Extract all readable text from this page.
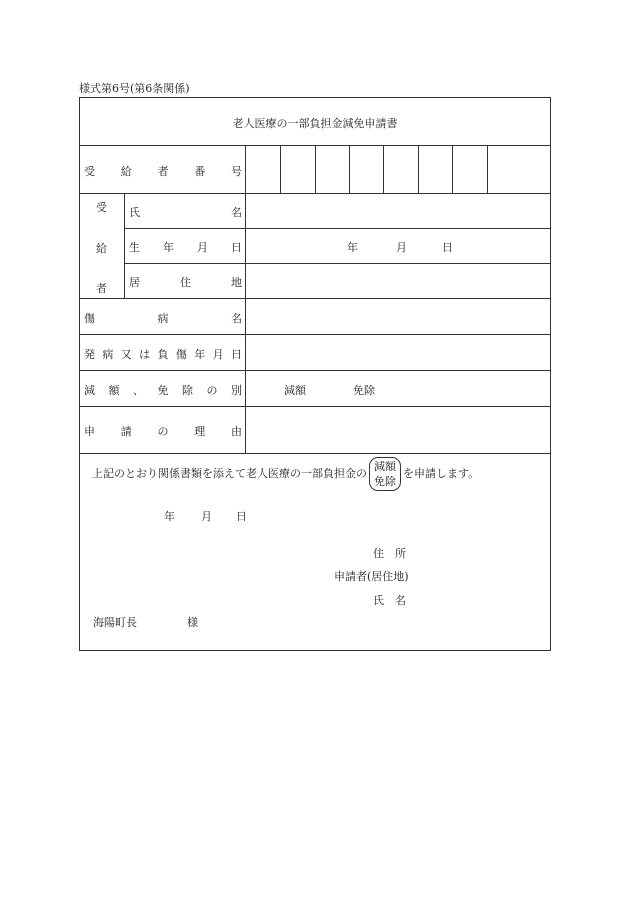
様式第6号(第6条関係)
老人医療の一部負担金減免申請書
受 給 者 番 号
受
給
者
氏	名
生 年 月 日	年	月	日
居	住	地
傷	病	名
発 病 又 は 負 傷 年 月 日
減 額 、 免 除 の 別	減額	免除
申 請 の 理 由
上記のとおり関係書類を添えて老人医療の一部負担金の減額
免除を申請します。
年 月 日
住　所
申請者(居住地)
氏　名
海陽町長	様
